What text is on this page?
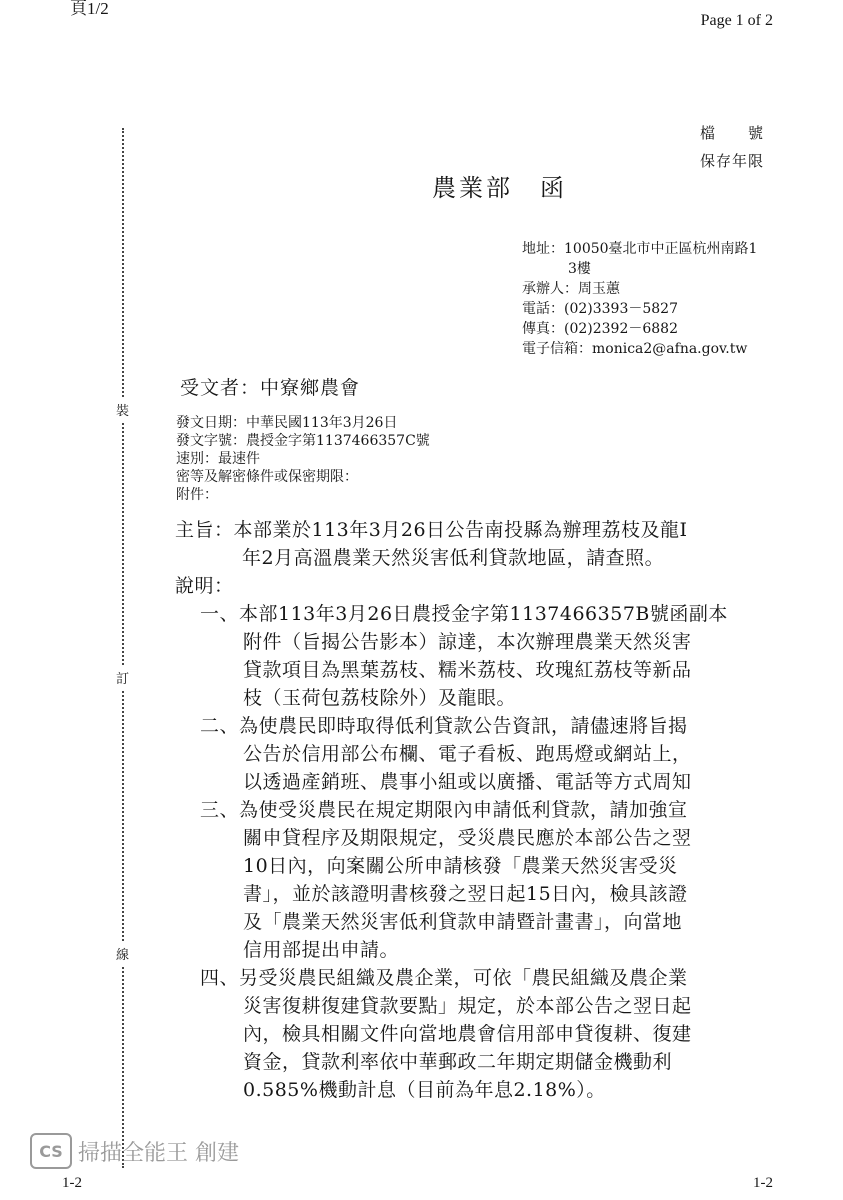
頁1/2
Page 1 of 2
檔　　號
保存年限
農業部　函
地址：10050臺北市中正區杭州南路1
3樓
承辦人：周玉蕙
電話：(02)3393－5827
傳真：(02)2392－6882
電子信箱：monica2@afna.gov.tw
裝
訂
線
受文者：中寮鄉農會
發文日期：中華民國113年3月26日
發文字號：農授金字第1137466357C號
速別：最速件
密等及解密條件或保密期限：
附件：
主旨：本部業於113年3月26日公告南投縣為辦理荔枝及龍I
年2月高溫農業天然災害低利貸款地區，請查照。
說明：
一、本部113年3月26日農授金字第1137466357B號函副本
附件（旨揭公告影本）諒達，本次辦理農業天然災害
貸款項目為黑葉荔枝、糯米荔枝、玫瑰紅荔枝等新品
枝（玉荷包荔枝除外）及龍眼。
二、為使農民即時取得低利貸款公告資訊，請儘速將旨揭
公告於信用部公布欄、電子看板、跑馬燈或網站上，
以透過產銷班、農事小組或以廣播、電話等方式周知
三、為使受災農民在規定期限內申請低利貸款，請加強宣
關申貸程序及期限規定，受災農民應於本部公告之翌
10日內，向案關公所申請核發「農業天然災害受災
書」，並於該證明書核發之翌日起15日內，檢具該證
及「農業天然災害低利貸款申請暨計畫書」，向當地
信用部提出申請。
四、另受災農民組織及農企業，可依「農民組織及農企業
災害復耕復建貸款要點」規定，於本部公告之翌日起
內，檢具相關文件向當地農會信用部申貸復耕、復建
資金，貸款利率依中華郵政二年期定期儲金機動利
0.585%機動計息（目前為年息2.18%）。
CS 掃描全能王 創建
1-2	1-2
